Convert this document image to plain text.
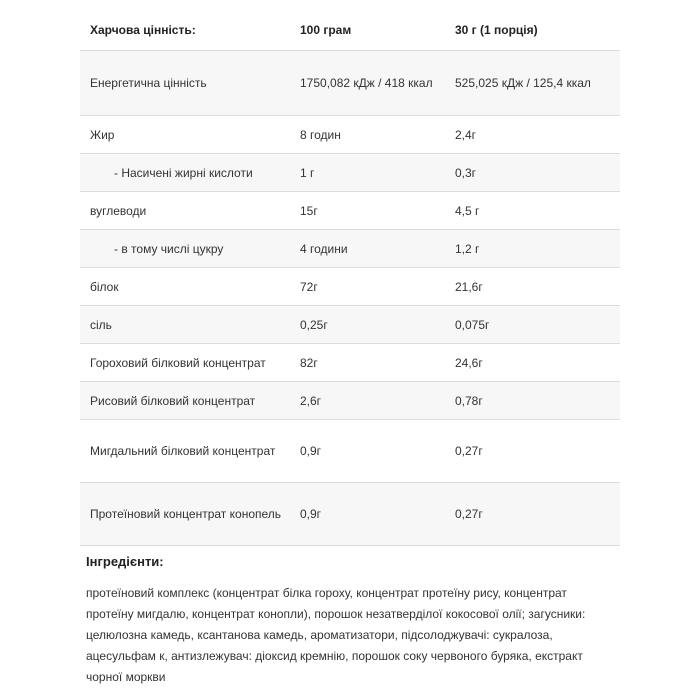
Харчова цінність:	100 грам	30 г (1 порція)
Енергетична цінність	1750,082 кДж / 418 ккал	525,025 кДж / 125,4 ккал
Жир	8 годин	2,4г
- Насичені жирні кислоти	1 г	0,3г
вуглеводи	15г	4,5 г
- в тому числі цукру	4 години	1,2 г
білок	72г	21,6г
сіль	0,25г	0,075г
Гороховий білковий концентрат	82г	24,6г
Рисовий білковий концентрат	2,6г	0,78г
Мигдальний білковий концентрат	0,9г	0,27г
Протеїновий концентрат конопель	0,9г	0,27г
Інгредієнти:

протеїновий комплекс (концентрат білка гороху, концентрат протеїну рису, концентрат протеїну мигдалю, концентрат конопли), порошок незатверділої кокосової олії; загусники: целюлозна камедь, ксантанова камедь, ароматизатори, підсолоджувачі: сукралоза, ацесульфам к, антизлежувач: діоксид кремнію, порошок соку червоного буряка, екстракт чорної моркви
